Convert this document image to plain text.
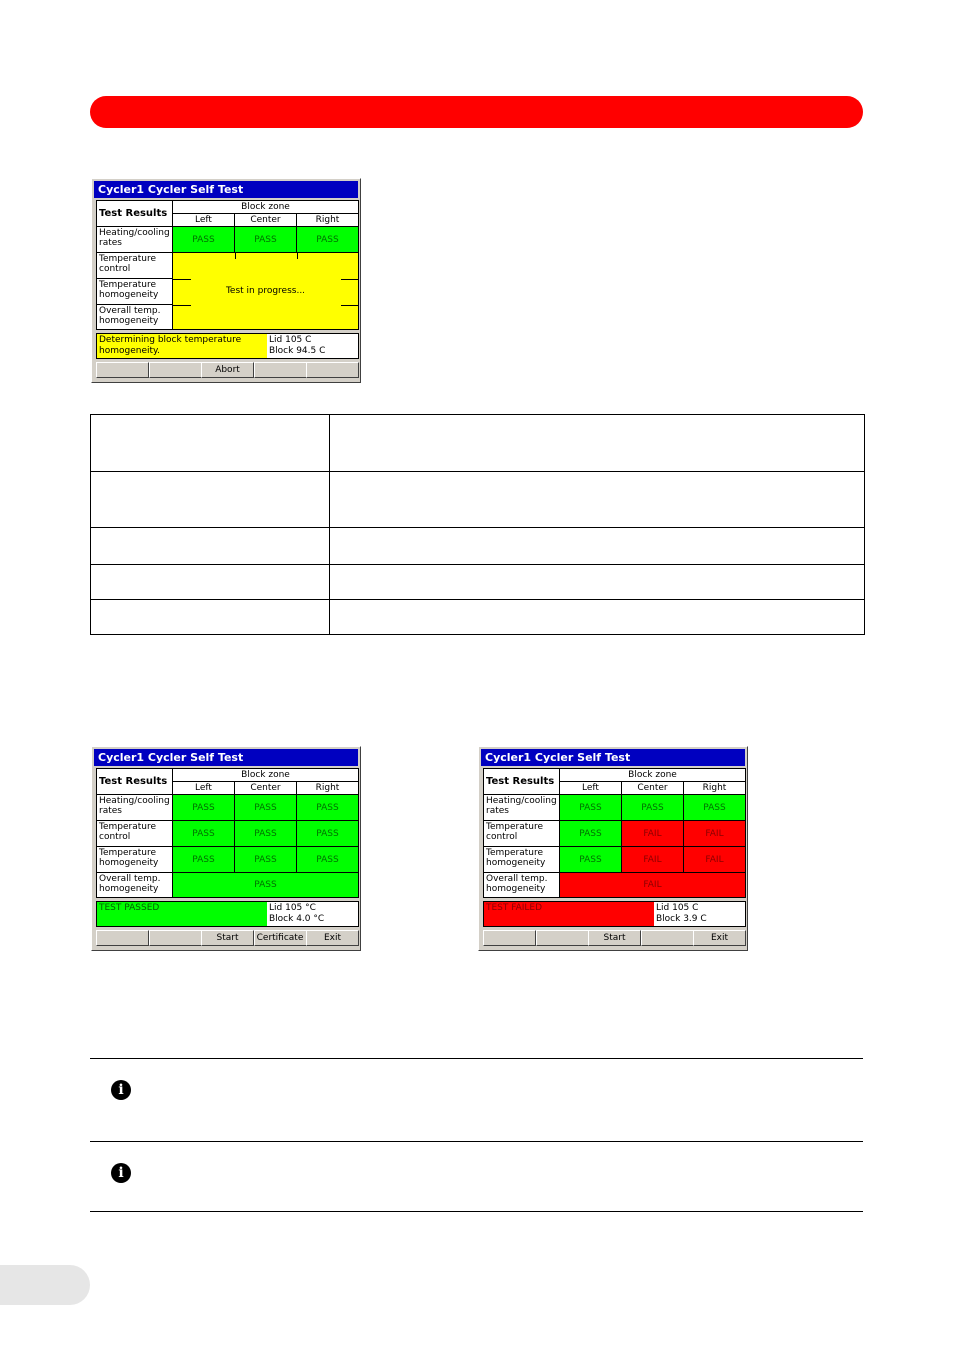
Cycler1 Cycler Self Test
Test Results
Block zone
Left	Center	Right
Heating/cooling rates	PASS	PASS	PASS
Temperature control
Temperature homogeneity
Overall temp. homogeneity
Test in progress...
Determining block temperature homogeneity.
Lid 105 C
Block 94.5 C
Abort
Cycler1 Cycler Self Test
Test Results
Block zone
Left	Center	Right
Heating/cooling rates	PASS	PASS	PASS
Temperature control	PASS	PASS	PASS
Temperature homogeneity	PASS	PASS	PASS
Overall temp. homogeneity	PASS
TEST PASSED	Lid 105 °C
Block 4.0 °C
Start	Certificate	Exit
Cycler1 Cycler Self Test
Test Results
Block zone
Left	Center	Right
Heating/cooling rates	PASS	PASS	PASS
Temperature control	PASS	FAIL	FAIL
Temperature homogeneity	PASS	FAIL	FAIL
Overall temp. homogeneity	FAIL
TEST FAILED	Lid 105 C
Block 3.9 C
Start	Exit

i
i
